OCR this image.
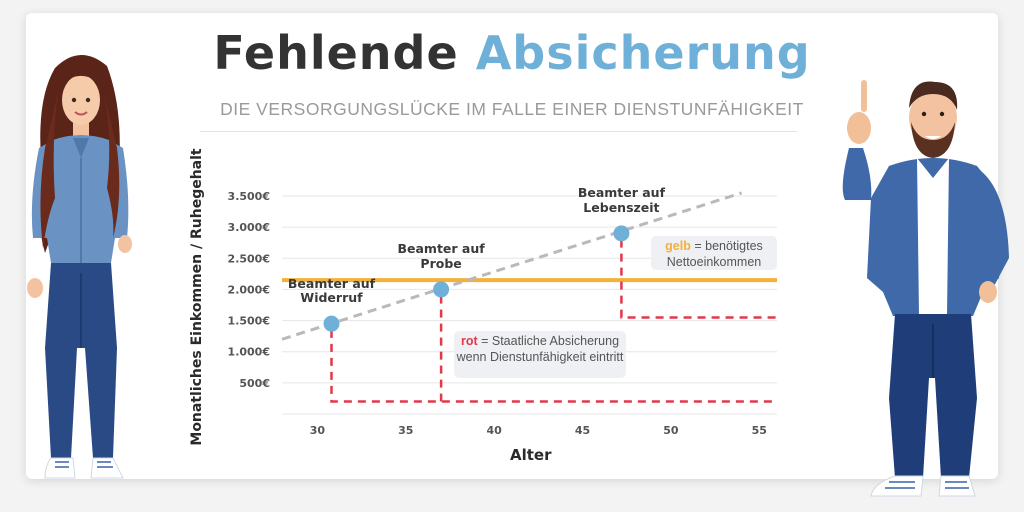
Fehlende Absicherung
DIE VERSORGUNGSLÜCKE IM FALLE EINER DIENSTUNFÄHIGKEIT
Monatliches Einkommen / Ruhegehalt
Alter
500€
1.000€
1.500€
2.000€
2.500€
3.000€
3.500€
30	35	40	45	50	55
Beamter auf
Widerruf
Beamter auf
Probe
Beamter auf
Lebenszeit
gelb = benötigtes Nettoeinkommen
rot = Staatliche Absicherung wenn Dienstunfähigkeit eintritt
